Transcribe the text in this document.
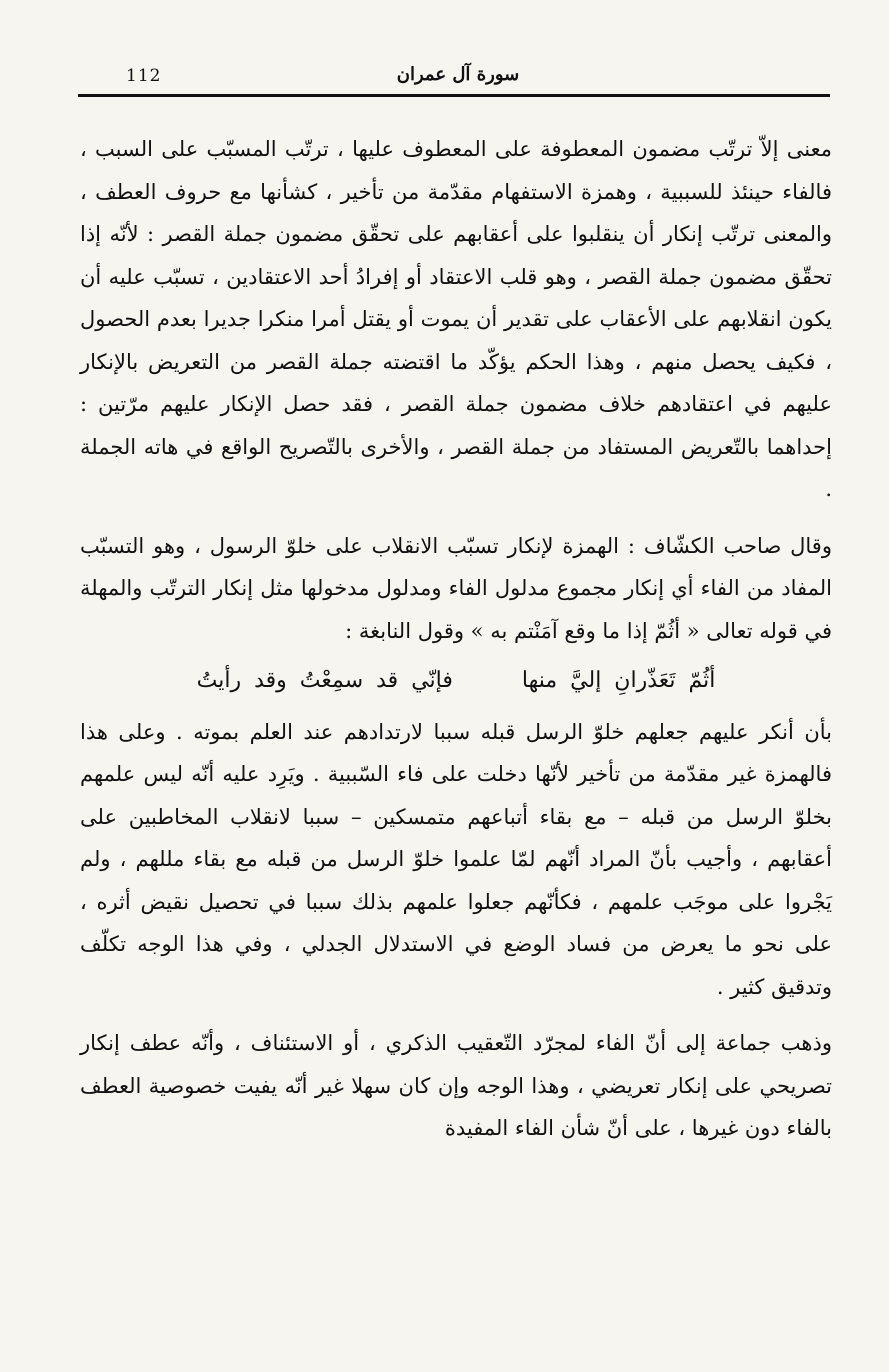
112	سورة آل عمران

معنى إلاّ ترتّب مضمون المعطوفة على المعطوف عليها ، ترتّب المسبّب على السبب ، فالفاء حينئذ للسببية ، وهمزة الاستفهام مقدّمة من تأخير ، كشأنها مع حروف العطف ، والمعنى ترتّب إنكار أن ينقلبوا على أعقابهم على تحقّق مضمون جملة القصر : لأنّه إذا تحقّق مضمون جملة القصر ، وهو قلب الاعتقاد أو إفرادُ أحد الاعتقادين ، تسبّب عليه أن يكون انقلابهم على الأعقاب على تقدير أن يموت أو يقتل أمرا منكرا جديرا بعدم الحصول ، فكيف يحصل منهم ، وهذا الحكم يؤكّد ما اقتضته جملة القصر من التعريض بالإنكار عليهم في اعتقادهم خلاف مضمون جملة القصر ، فقد حصل الإنكار عليهم مرّتين : إحداهما بالتّعريض المستفاد من جملة القصر ، والأخرى بالتّصريح الواقع في هاته الجملة .

وقال صاحب الكشّاف : الهمزة لإنكار تسبّب الانقلاب على خلوّ الرسول ، وهو التسبّب المفاد من الفاء أي إنكار مجموع مدلول الفاء ومدلول مدخولها مثل إنكار الترتّب والمهلة في قوله تعالى « أثُمّ إذا ما وقع آمَنْتم به » وقول النابغة :

أثُمّ تَعَذّرانِ إليَّ منها فإنّي قد سمِعْتُ وقد رأيتُ

بأن أنكر عليهم جعلهم خلوّ الرسل قبله سببا لارتدادهم عند العلم بموته . وعلى هذا فالهمزة غير مقدّمة من تأخير لأنّها دخلت على فاء السّببية . ويَرِد عليه أنّه ليس علمهم بخلوّ الرسل من قبله – مع بقاء أتباعهم متمسكين – سببا لانقلاب المخاطبين على أعقابهم ، وأجيب بأنّ المراد أنّهم لمّا علموا خلوّ الرسل من قبله مع بقاء مللهم ، ولم يَجْروا على موجَب علمهم ، فكأنّهم جعلوا علمهم بذلك سببا في تحصيل نقيض أثره ، على نحو ما يعرض من فساد الوضع في الاستدلال الجدلي ، وفي هذا الوجه تكلّف وتدقيق كثير .

وذهب جماعة إلى أنّ الفاء لمجرّد التّعقيب الذكري ، أو الاستئناف ، وأنّه عطف إنكار تصريحي على إنكار تعريضي ، وهذا الوجه وإن كان سهلا غير أنّه يفيت خصوصية العطف بالفاء دون غيرها ، على أنّ شأن الفاء المفيدة
